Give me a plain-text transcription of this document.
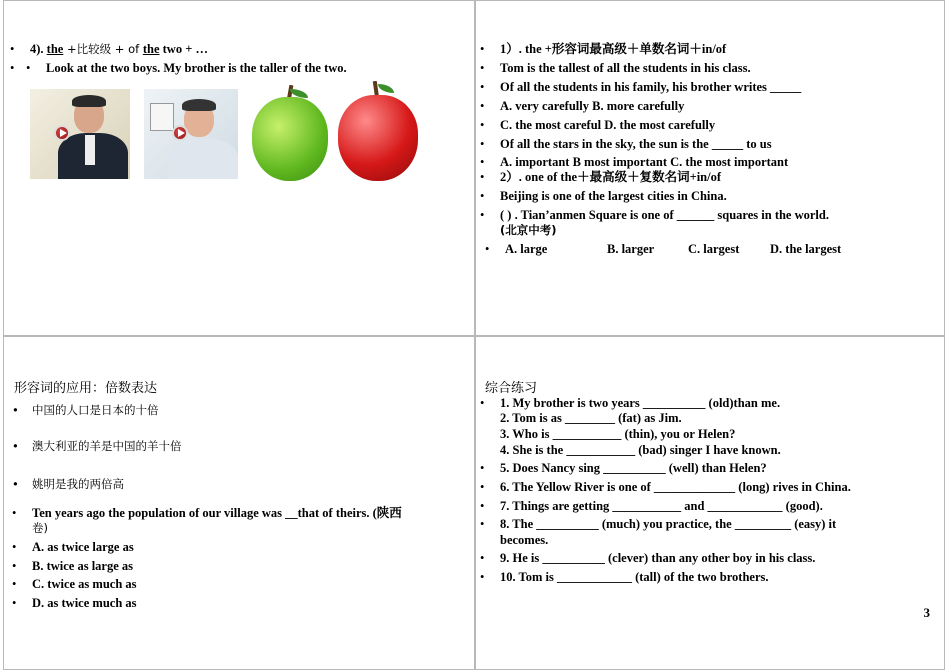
• 4). the +比较级 + of the two + …
• •	Look at the two boys. My brother is the taller of the two.
• 1）. the +形容词最高级＋单数名词＋in/of
• Tom is the tallest of all the students in his class.
• Of all the students in his family, his brother writes _____
• A. very carefully B. more carefully
• C. the most careful D. the most carefully
• Of all the stars in the sky, the sun is the _____ to us
• A. important B most important C. the most important
• 2）. one of the＋最高级＋复数名词+in/of
• Beijing is one of the largest cities in China.
• ( ) . Tian’anmen Square is one of ______ squares in the world.
(北京中考)
• A. large	B. larger	C. largest D. the largest
形容词的应用：倍数表达
• 中国的人口是日本的十倍
• 澳大利亚的羊是中国的羊十倍
• 姚明是我的两倍高
• Ten years ago the population of our village was __that of theirs. (陕西
卷)
• A. as twice large as
• B. twice as large as
• C. twice as much as
• D. as twice much as
综合练习
• 1. My brother is two years __________ (old)than me.
2. Tom is as ________ (fat) as Jim.
3. Who is ___________ (thin), you or Helen?
4. She is the ___________ (bad) singer I have known.
• 5. Does Nancy sing __________ (well) than Helen?
• 6. The Yellow River is one of _____________ (long) rives in China.
• 7. Things are getting ___________ and ____________ (good).
• 8. The __________ (much) you practice, the _________ (easy) it
becomes.
• 9. He is __________ (clever) than any other boy in his class.
• 10. Tom is ____________ (tall) of the two brothers.
3
